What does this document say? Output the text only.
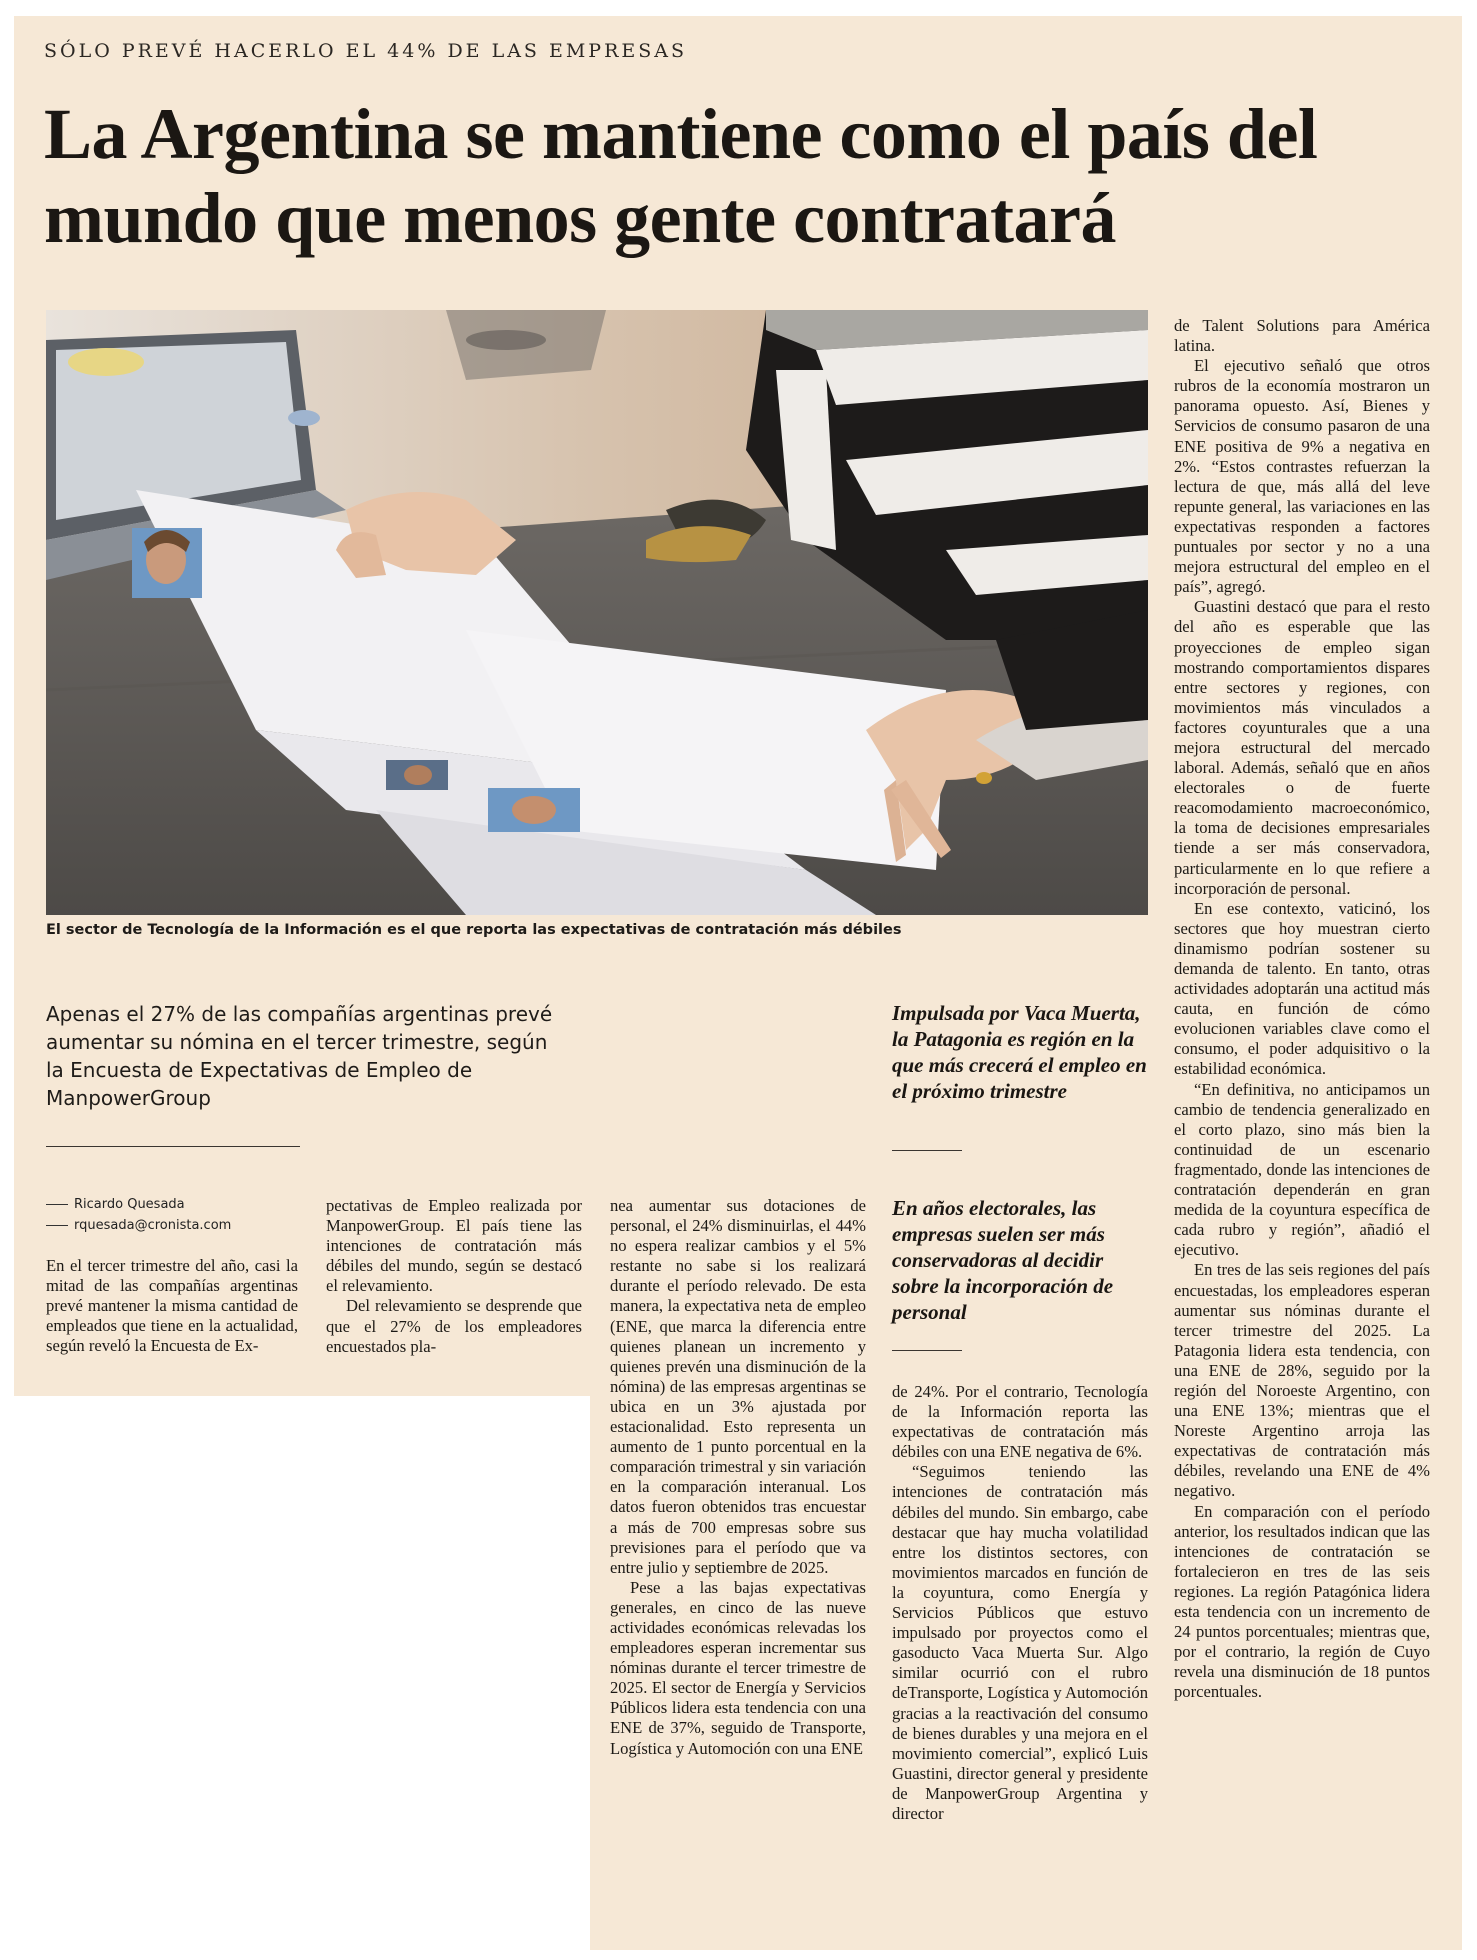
SÓLO PREVÉ HACERLO EL 44% DE LAS EMPRESAS
La Argentina se mantiene como el país del mundo que menos gente contratará
El sector de Tecnología de la Información es el que reporta las expectativas de contratación más débiles

Apenas el 27% de las compañías argentinas prevé aumentar su nómina en el tercer trimestre, según la Encuesta de Expectativas de Empleo de ManpowerGroup

Ricardo Quesada
rquesada@cronista.com

En el tercer trimestre del año, casi la mitad de las compañías argentinas prevé mantener la misma cantidad de empleados que tiene en la actualidad, según reveló la Encuesta de Ex-

pectativas de Empleo realizada por ManpowerGroup. El país tiene las intenciones de contratación más débiles del mundo, según se destacó el relevamiento.

Del relevamiento se desprende que que el 27% de los empleadores encuestados pla-

nea aumentar sus dotaciones de personal, el 24% disminuirlas, el 44% no espera realizar cambios y el 5% restante no sabe si los realizará durante el período relevado. De esta manera, la expectativa neta de empleo (ENE, que marca la diferencia entre quienes planean un incremento y quienes prevén una disminución de la nómina) de las empresas argentinas se ubica en un 3% ajustada por estacionalidad. Esto representa un aumento de 1 punto porcentual en la comparación trimestral y sin variación en la comparación interanual. Los datos fueron obtenidos tras encuestar a más de 700 empresas sobre sus previsiones para el período que va entre julio y septiembre de 2025.

Pese a las bajas expectativas generales, en cinco de las nueve actividades económicas relevadas los empleadores esperan incrementar sus nóminas durante el tercer trimestre de 2025. El sector de Energía y Servicios Públicos lidera esta tendencia con una ENE de 37%, seguido de Transporte, Logística y Automoción con una ENE

Impulsada por Vaca Muerta, la Patagonia es región en la que más crecerá el empleo en el próximo trimestre

En años electorales, las empresas suelen ser más conservadoras al decidir sobre la incorporación de personal

de 24%. Por el contrario, Tecnología de la Información reporta las expectativas de contratación más débiles con una ENE negativa de 6%.

“Seguimos teniendo las intenciones de contratación más débiles del mundo. Sin embargo, cabe destacar que hay mucha volatilidad entre los distintos sectores, con movimientos marcados en función de la coyuntura, como Energía y Servicios Públicos que estuvo impulsado por proyectos como el gasoducto Vaca Muerta Sur. Algo similar ocurrió con el rubro deTransporte, Logística y Automoción gracias a la reactivación del consumo de bienes durables y una mejora en el movimiento comercial”, explicó Luis Guastini, director general y presidente de ManpowerGroup Argentina y director

de Talent Solutions para América latina.

El ejecutivo señaló que otros rubros de la economía mostraron un panorama opuesto. Así, Bienes y Servicios de consumo pasaron de una ENE positiva de 9% a negativa en 2%. “Estos contrastes refuerzan la lectura de que, más allá del leve repunte general, las variaciones en las expectativas responden a factores puntuales por sector y no a una mejora estructural del empleo en el país”, agregó.

Guastini destacó que para el resto del año es esperable que las proyecciones de empleo sigan mostrando comportamientos dispares entre sectores y regiones, con movimientos más vinculados a factores coyunturales que a una mejora estructural del mercado laboral. Además, señaló que en años electorales o de fuerte reacomodamiento macroeconómico, la toma de decisiones empresariales tiende a ser más conservadora, particularmente en lo que refiere a incorporación de personal.

En ese contexto, vaticinó, los sectores que hoy muestran cierto dinamismo podrían sostener su demanda de talento. En tanto, otras actividades adoptarán una actitud más cauta, en función de cómo evolucionen variables clave como el consumo, el poder adquisitivo o la estabilidad económica.

“En definitiva, no anticipamos un cambio de tendencia generalizado en el corto plazo, sino más bien la continuidad de un escenario fragmentado, donde las intenciones de contratación dependerán en gran medida de la coyuntura específica de cada rubro y región”, añadió el ejecutivo.

En tres de las seis regiones del país encuestadas, los empleadores esperan aumentar sus nóminas durante el tercer trimestre del 2025. La Patagonia lidera esta tendencia, con una ENE de 28%, seguido por la región del Noroeste Argentino, con una ENE 13%; mientras que el Noreste Argentino arroja las expectativas de contratación más débiles, revelando una ENE de 4% negativo.

En comparación con el período anterior, los resultados indican que las intenciones de contratación se fortalecieron en tres de las seis regiones. La región Patagónica lidera esta tendencia con un incremento de 24 puntos porcentuales; mientras que, por el contrario, la región de Cuyo revela una disminución de 18 puntos porcentuales.
